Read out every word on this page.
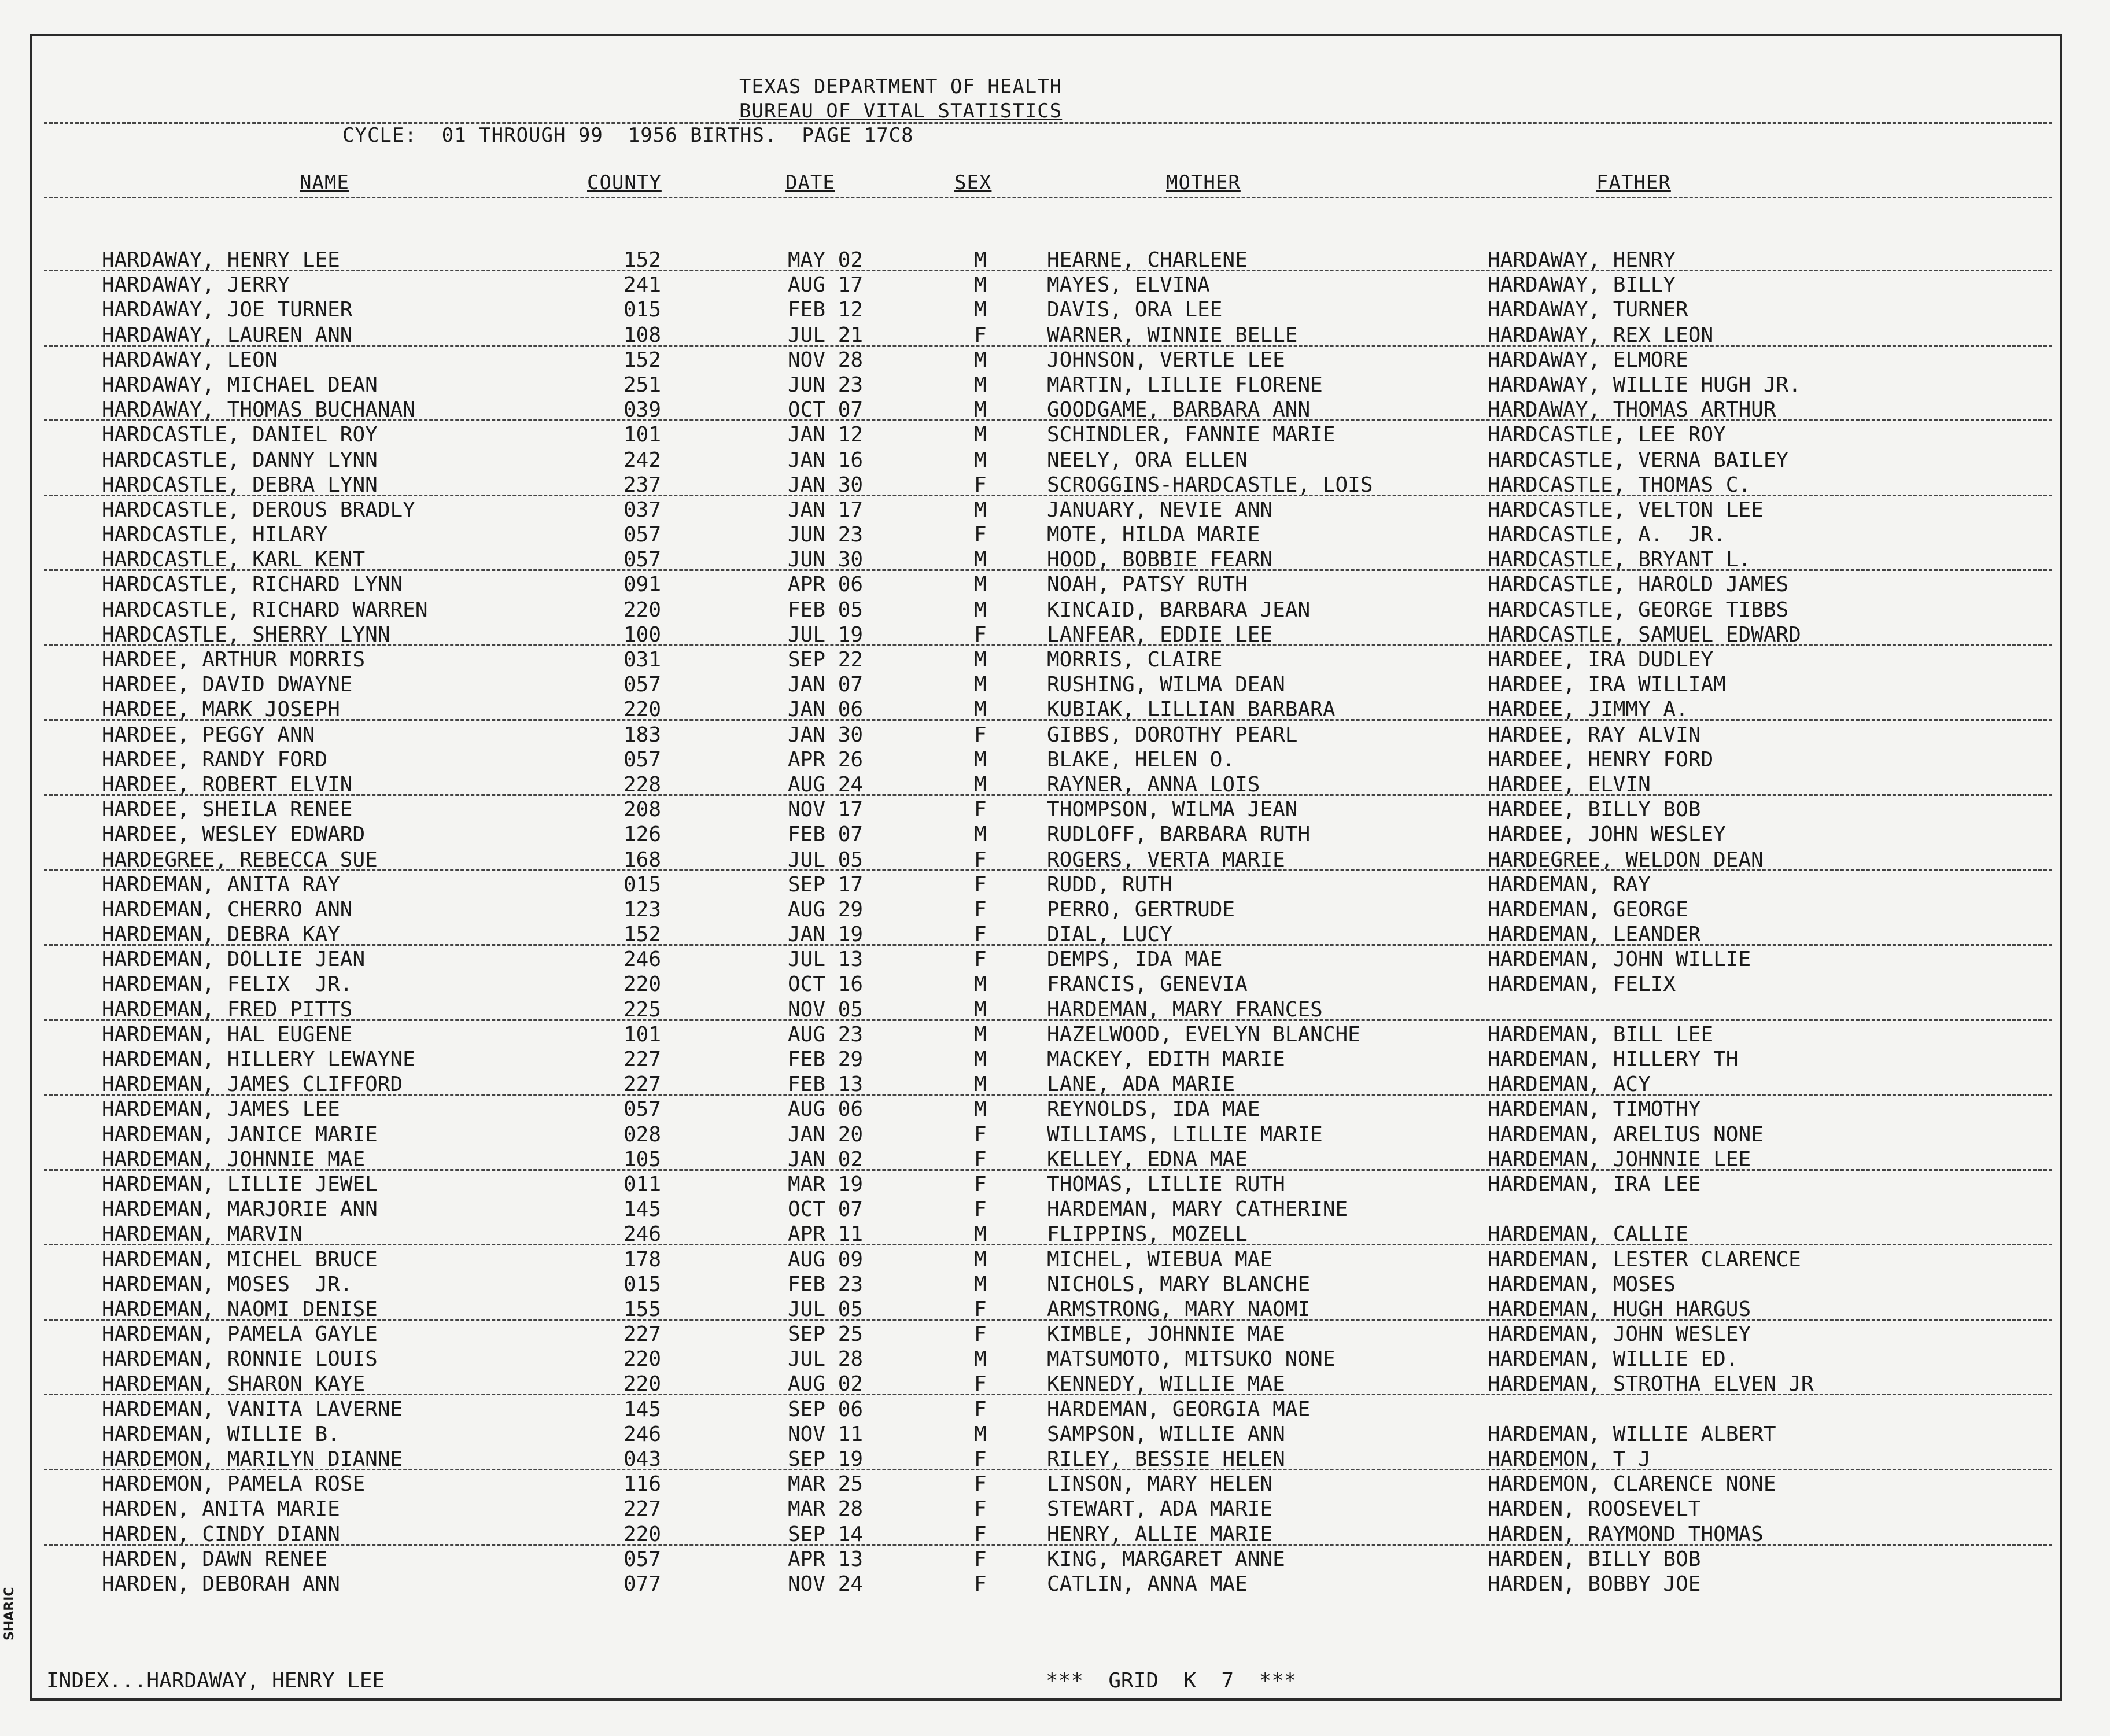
TEXAS DEPARTMENT OF HEALTH
BUREAU OF VITAL STATISTICS
CYCLE:  01 THROUGH 99  1956 BIRTHS.  PAGE 17C8
NAME	COUNTY	DATE	SEX	MOTHER	FATHER
HARDAWAY, HENRY LEE	152	MAY 02	M	HEARNE, CHARLENE	HARDAWAY, HENRY
HARDAWAY, JERRY	241	AUG 17	M	MAYES, ELVINA	HARDAWAY, BILLY
HARDAWAY, JOE TURNER	015	FEB 12	M	DAVIS, ORA LEE	HARDAWAY, TURNER
HARDAWAY, LAUREN ANN	108	JUL 21	F	WARNER, WINNIE BELLE	HARDAWAY, REX LEON
HARDAWAY, LEON	152	NOV 28	M	JOHNSON, VERTLE LEE	HARDAWAY, ELMORE
HARDAWAY, MICHAEL DEAN	251	JUN 23	M	MARTIN, LILLIE FLORENE	HARDAWAY, WILLIE HUGH JR.
HARDAWAY, THOMAS BUCHANAN	039	OCT 07	M	GOODGAME, BARBARA ANN	HARDAWAY, THOMAS ARTHUR
HARDCASTLE, DANIEL ROY	101	JAN 12	M	SCHINDLER, FANNIE MARIE	HARDCASTLE, LEE ROY
HARDCASTLE, DANNY LYNN	242	JAN 16	M	NEELY, ORA ELLEN	HARDCASTLE, VERNA BAILEY
HARDCASTLE, DEBRA LYNN	237	JAN 30	F	SCROGGINS-HARDCASTLE, LOIS	HARDCASTLE, THOMAS C.
HARDCASTLE, DEROUS BRADLY	037	JAN 17	M	JANUARY, NEVIE ANN	HARDCASTLE, VELTON LEE
HARDCASTLE, HILARY	057	JUN 23	F	MOTE, HILDA MARIE	HARDCASTLE, A.  JR.
HARDCASTLE, KARL KENT	057	JUN 30	M	HOOD, BOBBIE FEARN	HARDCASTLE, BRYANT L.
HARDCASTLE, RICHARD LYNN	091	APR 06	M	NOAH, PATSY RUTH	HARDCASTLE, HAROLD JAMES
HARDCASTLE, RICHARD WARREN	220	FEB 05	M	KINCAID, BARBARA JEAN	HARDCASTLE, GEORGE TIBBS
HARDCASTLE, SHERRY LYNN	100	JUL 19	F	LANFEAR, EDDIE LEE	HARDCASTLE, SAMUEL EDWARD
HARDEE, ARTHUR MORRIS	031	SEP 22	M	MORRIS, CLAIRE	HARDEE, IRA DUDLEY
HARDEE, DAVID DWAYNE	057	JAN 07	M	RUSHING, WILMA DEAN	HARDEE, IRA WILLIAM
HARDEE, MARK JOSEPH	220	JAN 06	M	KUBIAK, LILLIAN BARBARA	HARDEE, JIMMY A.
HARDEE, PEGGY ANN	183	JAN 30	F	GIBBS, DOROTHY PEARL	HARDEE, RAY ALVIN
HARDEE, RANDY FORD	057	APR 26	M	BLAKE, HELEN O.	HARDEE, HENRY FORD
HARDEE, ROBERT ELVIN	228	AUG 24	M	RAYNER, ANNA LOIS	HARDEE, ELVIN
HARDEE, SHEILA RENEE	208	NOV 17	F	THOMPSON, WILMA JEAN	HARDEE, BILLY BOB
HARDEE, WESLEY EDWARD	126	FEB 07	M	RUDLOFF, BARBARA RUTH	HARDEE, JOHN WESLEY
HARDEGREE, REBECCA SUE	168	JUL 05	F	ROGERS, VERTA MARIE	HARDEGREE, WELDON DEAN
HARDEMAN, ANITA RAY	015	SEP 17	F	RUDD, RUTH	HARDEMAN, RAY
HARDEMAN, CHERRO ANN	123	AUG 29	F	PERRO, GERTRUDE	HARDEMAN, GEORGE
HARDEMAN, DEBRA KAY	152	JAN 19	F	DIAL, LUCY	HARDEMAN, LEANDER
HARDEMAN, DOLLIE JEAN	246	JUL 13	F	DEMPS, IDA MAE	HARDEMAN, JOHN WILLIE
HARDEMAN, FELIX  JR.	220	OCT 16	M	FRANCIS, GENEVIA	HARDEMAN, FELIX
HARDEMAN, FRED PITTS	225	NOV 05	M	HARDEMAN, MARY FRANCES
HARDEMAN, HAL EUGENE	101	AUG 23	M	HAZELWOOD, EVELYN BLANCHE	HARDEMAN, BILL LEE
HARDEMAN, HILLERY LEWAYNE	227	FEB 29	M	MACKEY, EDITH MARIE	HARDEMAN, HILLERY TH
HARDEMAN, JAMES CLIFFORD	227	FEB 13	M	LANE, ADA MARIE	HARDEMAN, ACY
HARDEMAN, JAMES LEE	057	AUG 06	M	REYNOLDS, IDA MAE	HARDEMAN, TIMOTHY
HARDEMAN, JANICE MARIE	028	JAN 20	F	WILLIAMS, LILLIE MARIE	HARDEMAN, ARELIUS NONE
HARDEMAN, JOHNNIE MAE	105	JAN 02	F	KELLEY, EDNA MAE	HARDEMAN, JOHNNIE LEE
HARDEMAN, LILLIE JEWEL	011	MAR 19	F	THOMAS, LILLIE RUTH	HARDEMAN, IRA LEE
HARDEMAN, MARJORIE ANN	145	OCT 07	F	HARDEMAN, MARY CATHERINE
HARDEMAN, MARVIN	246	APR 11	M	FLIPPINS, MOZELL	HARDEMAN, CALLIE
HARDEMAN, MICHEL BRUCE	178	AUG 09	M	MICHEL, WIEBUA MAE	HARDEMAN, LESTER CLARENCE
HARDEMAN, MOSES  JR.	015	FEB 23	M	NICHOLS, MARY BLANCHE	HARDEMAN, MOSES
HARDEMAN, NAOMI DENISE	155	JUL 05	F	ARMSTRONG, MARY NAOMI	HARDEMAN, HUGH HARGUS
HARDEMAN, PAMELA GAYLE	227	SEP 25	F	KIMBLE, JOHNNIE MAE	HARDEMAN, JOHN WESLEY
HARDEMAN, RONNIE LOUIS	220	JUL 28	M	MATSUMOTO, MITSUKO NONE	HARDEMAN, WILLIE ED.
HARDEMAN, SHARON KAYE	220	AUG 02	F	KENNEDY, WILLIE MAE	HARDEMAN, STROTHA ELVEN JR
HARDEMAN, VANITA LAVERNE	145	SEP 06	F	HARDEMAN, GEORGIA MAE
HARDEMAN, WILLIE B.	246	NOV 11	M	SAMPSON, WILLIE ANN	HARDEMAN, WILLIE ALBERT
HARDEMON, MARILYN DIANNE	043	SEP 19	F	RILEY, BESSIE HELEN	HARDEMON, T J
HARDEMON, PAMELA ROSE	116	MAR 25	F	LINSON, MARY HELEN	HARDEMON, CLARENCE NONE
HARDEN, ANITA MARIE	227	MAR 28	F	STEWART, ADA MARIE	HARDEN, ROOSEVELT
HARDEN, CINDY DIANN	220	SEP 14	F	HENRY, ALLIE MARIE	HARDEN, RAYMOND THOMAS
HARDEN, DAWN RENEE	057	APR 13	F	KING, MARGARET ANNE	HARDEN, BILLY BOB
HARDEN, DEBORAH ANN	077	NOV 24	F	CATLIN, ANNA MAE	HARDEN, BOBBY JOE
INDEX...HARDAWAY, HENRY LEE	***  GRID  K  7  ***
SHARIC
